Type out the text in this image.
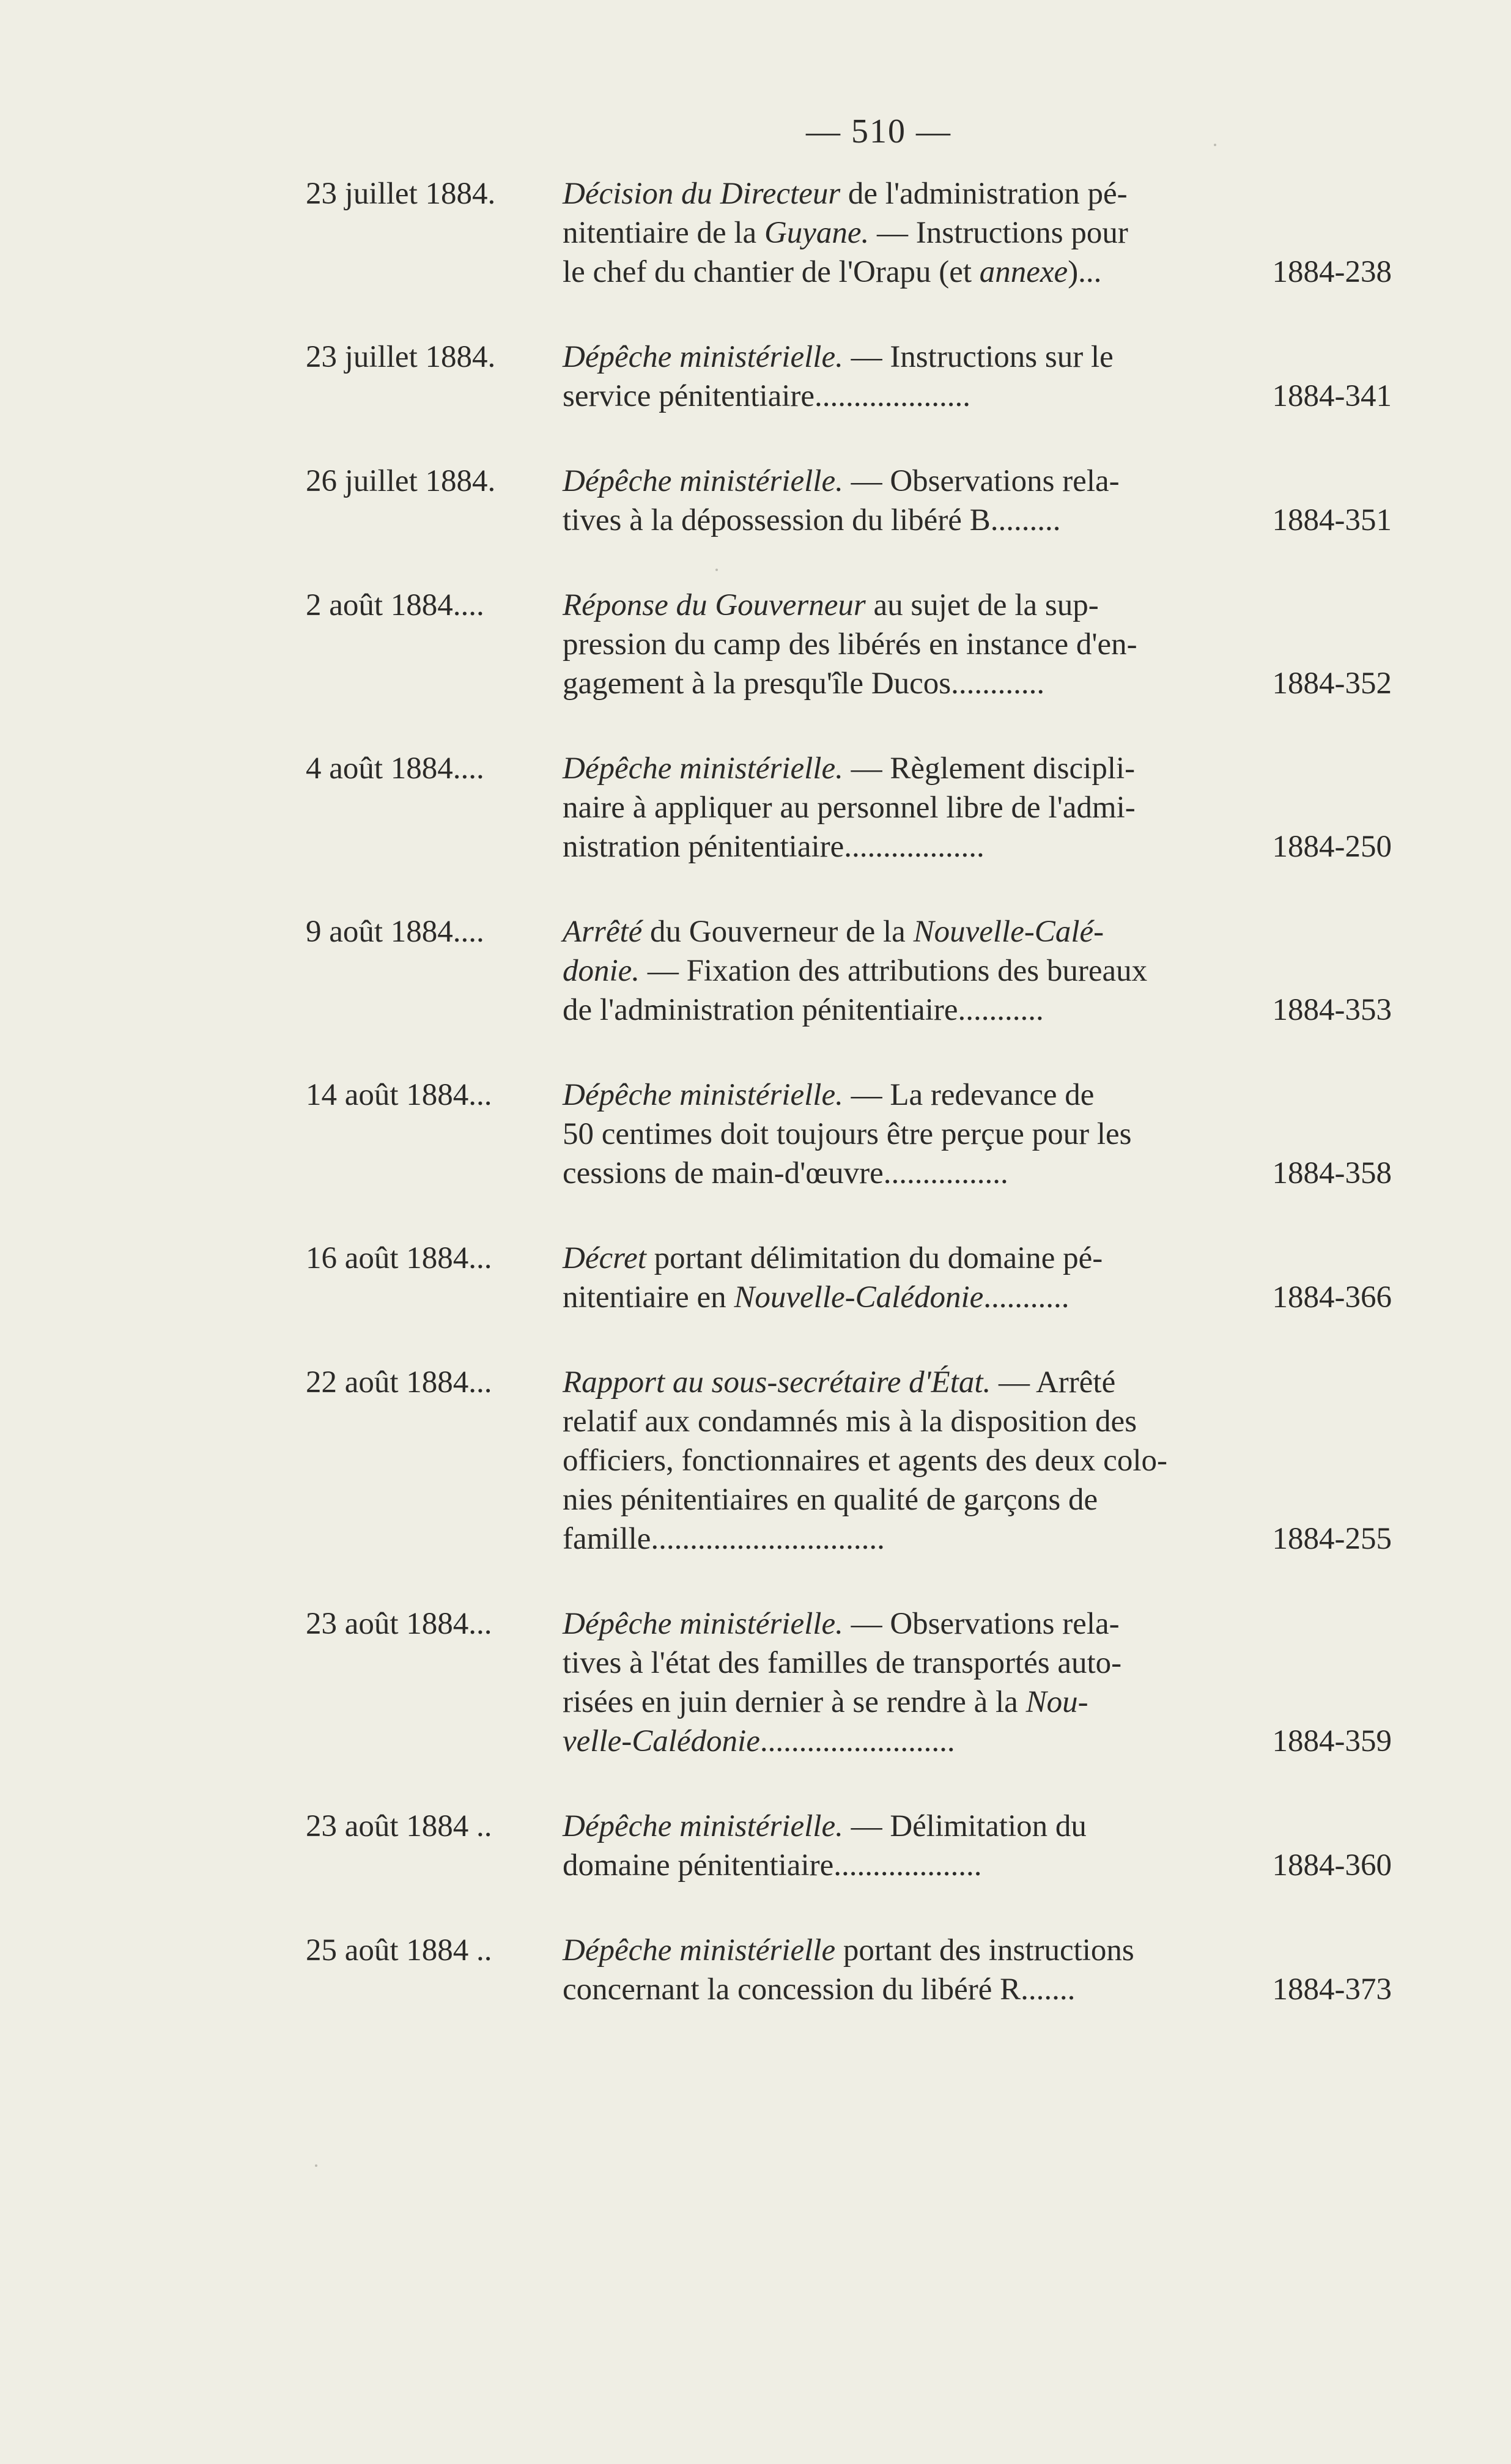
— 510 —
23 juillet 1884. Décision du Directeur de l'administration pé-
nitentiaire de la Guyane. — Instructions pour
le chef du chantier de l'Orapu (et annexe)...	1884-238
23 juillet 1884. Dépêche ministérielle. — Instructions sur le
service pénitentiaire....................	1884-341
26 juillet 1884. Dépêche ministérielle. — Observations rela-
tives à la dépossession du libéré B.........	1884-351
2 août 1884....	Réponse du Gouverneur au sujet de la sup-
pression du camp des libérés en instance d'en-
gagement à la presqu'île Ducos............	1884-352
4 août 1884....	Dépêche ministérielle. — Règlement discipli-
naire à appliquer au personnel libre de l'admi-
nistration pénitentiaire..................	1884-250
9 août 1884....	Arrêté du Gouverneur de la Nouvelle-Calé-
donie. — Fixation des attributions des bureaux
de l'administration pénitentiaire...........	1884-353
14 août 1884... Dépêche ministérielle. — La redevance de
50 centimes doit toujours être perçue pour les
cessions de main-d'œuvre................	1884-358
16 août 1884... Décret portant délimitation du domaine pé-
nitentiaire en Nouvelle-Calédonie...........	1884-366
22 août 1884... Rapport au sous-secrétaire d'État. — Arrêté
relatif aux condamnés mis à la disposition des
officiers, fonctionnaires et agents des deux colo-
nies pénitentiaires en qualité de garçons de
famille..............................	1884-255
23 août 1884... Dépêche ministérielle. — Observations rela-
tives à l'état des familles de transportés auto-
risées en juin dernier à se rendre à la Nou-
velle-Calédonie.........................	1884-359
23 août 1884 .. Dépêche ministérielle. — Délimitation du
domaine pénitentiaire...................	1884-360
25 août 1884 .. Dépêche ministérielle portant des instructions
concernant la concession du libéré R.......	1884-373
